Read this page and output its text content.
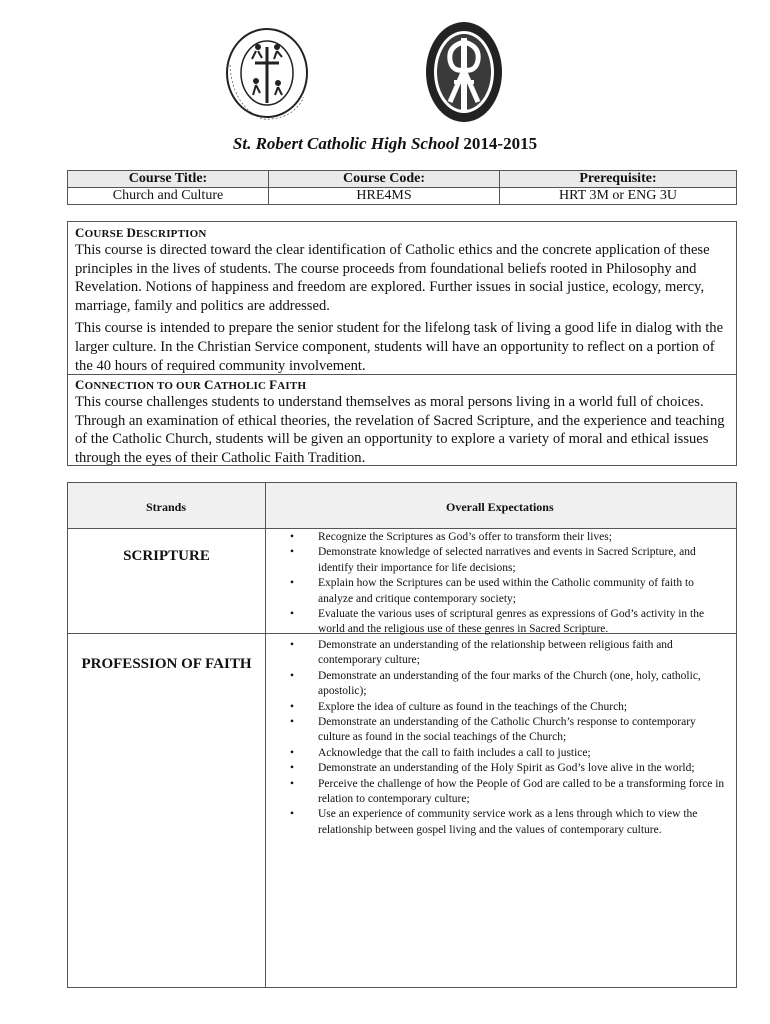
St. Robert Catholic High School 2014-2015
Course Title:	Course Code:	Prerequisite:
Church and Culture	HRE4MS	HRT 3M or ENG 3U
COURSE DESCRIPTION

This course is directed toward the clear identification of Catholic ethics and the concrete application of these principles in the lives of students. The course proceeds from foundational beliefs rooted in Philosophy and Revelation. Notions of happiness and freedom are explored. Further issues in social justice, ecology, mercy, marriage, family and politics are addressed.

This course is intended to prepare the senior student for the lifelong task of living a good life in dialog with the larger culture. In the Christian Service component, students will have an opportunity to reflect on a portion of the 40 hours of required community involvement.

CONNECTION TO OUR CATHOLIC FAITH

This course challenges students to understand themselves as moral persons living in a world full of choices. Through an examination of ethical theories, the revelation of Sacred Scripture, and the experience and teaching of the Catholic Church, students will be given an opportunity to explore a variety of moral and ethical issues through the eyes of their Catholic Faith Tradition.

Strands	Overall Expectations
SCRIPTURE
• Recognize the Scriptures as God’s offer to transform their lives;
• Demonstrate knowledge of selected narratives and events in Sacred Scripture, and identify their importance for life decisions;
• Explain how the Scriptures can be used within the Catholic community of faith to analyze and critique contemporary society;
• Evaluate the various uses of scriptural genres as expressions of God’s activity in the world and the religious use of these genres in Sacred Scripture.
PROFESSION OF FAITH
• Demonstrate an understanding of the relationship between religious faith and contemporary culture;
• Demonstrate an understanding of the four marks of the Church (one, holy, catholic, apostolic);
• Explore the idea of culture as found in the teachings of the Church;
• Demonstrate an understanding of the Catholic Church’s response to contemporary culture as found in the social teachings of the Church;
• Acknowledge that the call to faith includes a call to justice;
• Demonstrate an understanding of the Holy Spirit as God’s love alive in the world;
• Perceive the challenge of how the People of God are called to be a transforming force in relation to contemporary culture;
• Use an experience of community service work as a lens through which to view the relationship between gospel living and the values of contemporary culture.
